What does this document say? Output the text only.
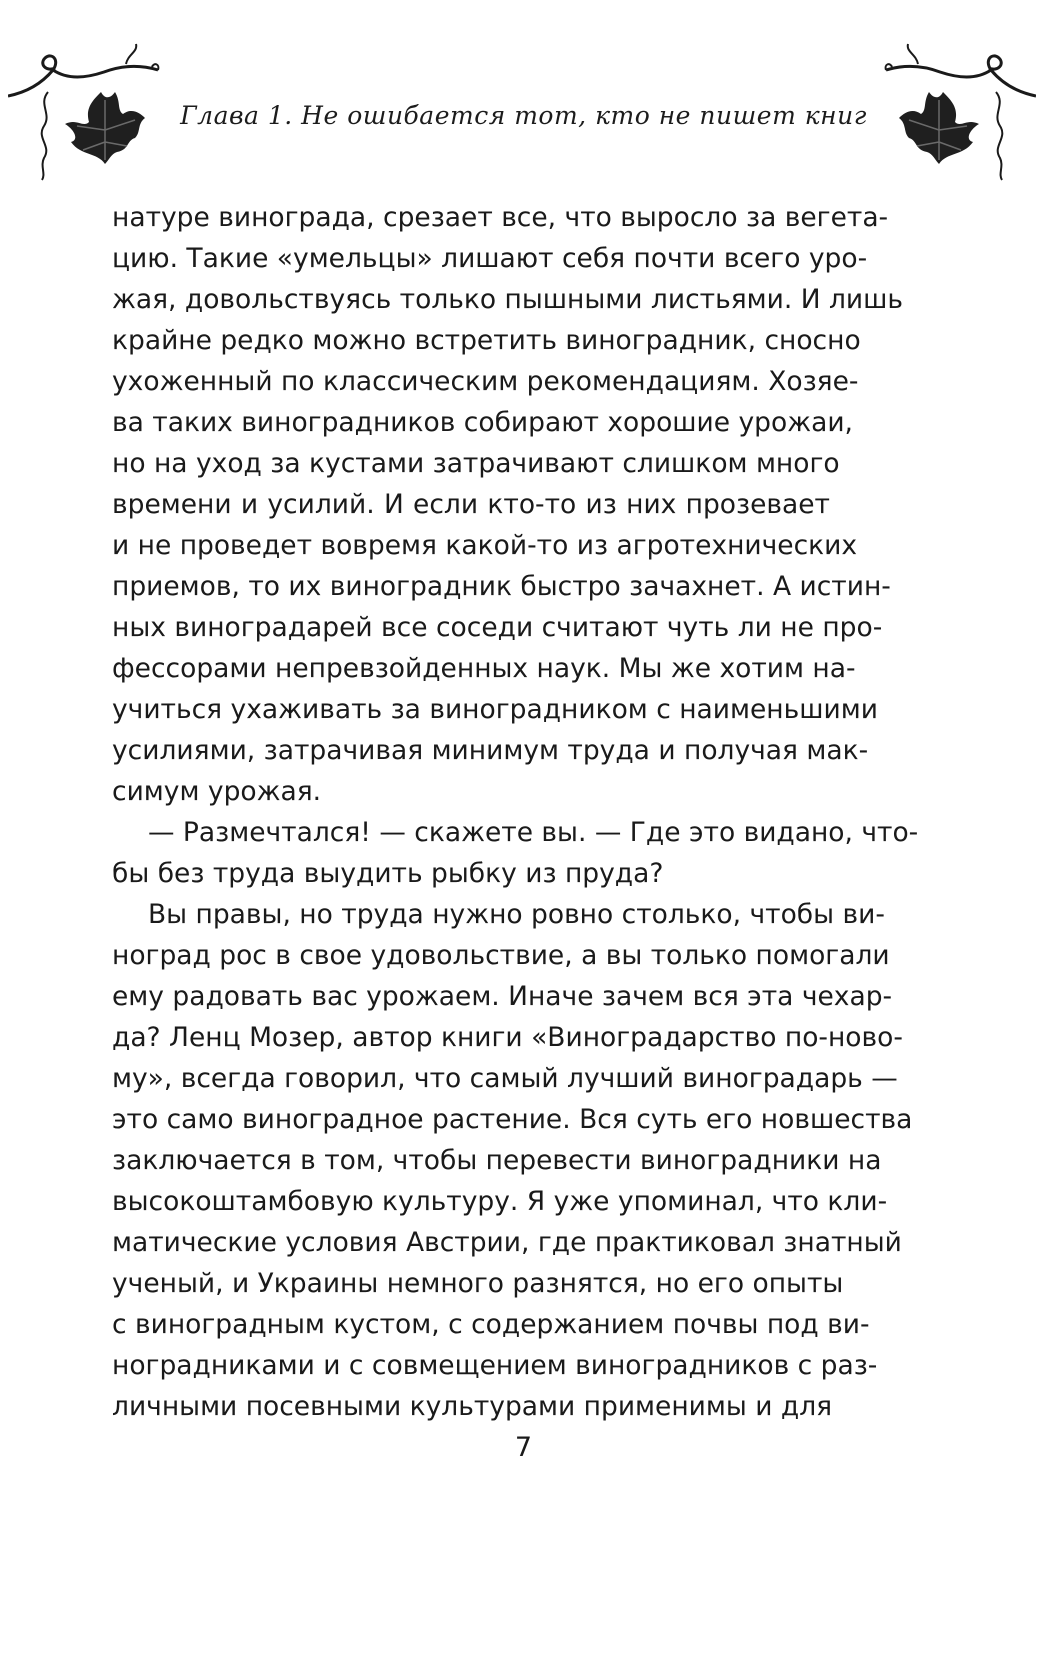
Глава 1. Не ошибается тот, кто не пишет книг
натуре винограда, срезает все, что выросло за вегета-
цию. Такие «умельцы» лишают себя почти всего уро-
жая, довольствуясь только пышными листьями. И лишь
крайне редко можно встретить виноградник, сносно
ухоженный по классическим рекомендациям. Хозяе-
ва таких виноградников собирают хорошие урожаи,
но на уход за кустами затрачивают слишком много
времени и усилий. И если кто-то из них прозевает
и не проведет вовремя какой-то из агротехнических
приемов, то их виноградник быстро зачахнет. А истин-
ных виноградарей все соседи считают чуть ли не про-
фессорами непревзойденных наук. Мы же хотим на-
учиться ухаживать за виноградником с наименьшими
усилиями, затрачивая минимум труда и получая мак-
симум урожая.
— Размечтался! — скажете вы. — Где это видано, что-
бы без труда выудить рыбку из пруда?
Вы правы, но труда нужно ровно столько, чтобы ви-
ноград рос в свое удовольствие, а вы только помогали
ему радовать вас урожаем. Иначе зачем вся эта чехар-
да? Ленц Мозер, автор книги «Виноградарство по-ново-
му», всегда говорил, что самый лучший виноградарь —
это само виноградное растение. Вся суть его новшества
заключается в том, чтобы перевести виноградники на
высокоштамбовую культуру. Я уже упоминал, что кли-
матические условия Австрии, где практиковал знатный
ученый, и Украины немного разнятся, но его опыты
с виноградным кустом, с содержанием почвы под ви-
ноградниками и с совмещением виноградников с раз-
личными посевными культурами применимы и для
7
